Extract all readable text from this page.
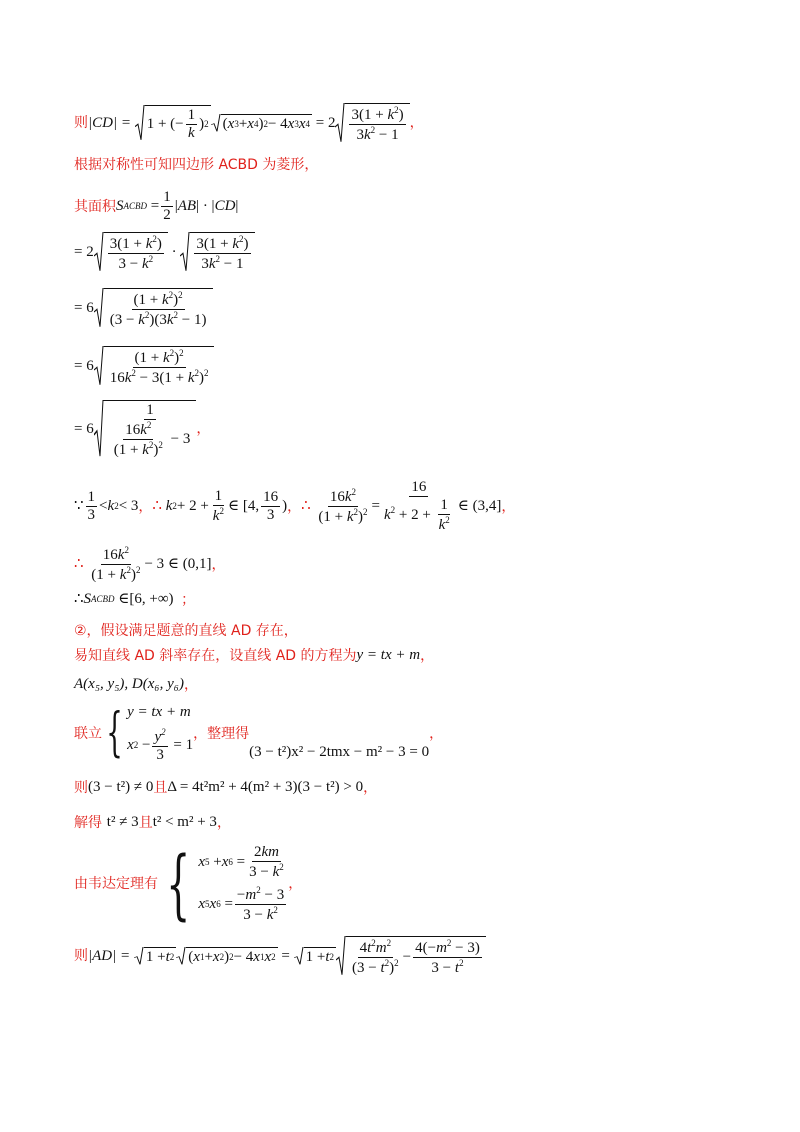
则 |CD| =
1 + (− $\frac{1}{k}$ ) 2 ( x 3 + x 4 ) 2 − 4 x 3 x $4 = 2 \frac{3(1 + k^2)}{3k^2 - 1}$ ，
根据对称性可知四边形 ACBD 为菱形，
其面积 S ACBD = $\frac{1}{2}$ | AB | · | CD |
= $2 \frac{3(1 + k^2)}{3 - k^2} \cdot \frac{3(1 + k^2)}{3k^2 - 1}$
= $6 \frac{(1 + k^2)^2}{(3 - k^2)(3k^2 - 1)}$
= $6 \frac{(1 + k^2)^2}{16k^2 - 3(1 + k^2)^2}$
= $6 \frac{1}{\frac{16k^2}{(1 + k^2)^2} - 3}$ ，
∵ $\frac{1}{3} < k$ 2 < 3 ， ∴
k $2 + 2 + \frac{1}{k^2}$ ∈ [4, $\frac{16}{3}$ ) ， ∴
$\frac{16k^2}{(1 + k^2)^2} = \frac{16}{k^2 + 2 + \frac{1}{k^2}}$ ∈ (3,4] ，
∴
$\frac{16k^2}{(1 + k^2)^2} - 3$ ∈ (0,1] ，
∴ S ACBD ∈ [6, +∞)
；
②，假设满足题意的直线 AD 存在，
易知直线 AD 斜率存在，设直线 AD 的方程为 y = tx + m ，
A(x₅, y₅), D(x₆, y₆) ，
联立 { y = tx + m
x $2 - \frac{y^2}{3}$
= 1
，整理得
(3 − t²)x² − 2tmx − m² − 3 = 0
，
则 (3 − t²) ≠ 0 且 Δ = 4t²m² + 4(m² + 3)(3 − t²) > 0 ，
解得
t² ≠ 3 且 t² < m² + 3 ，
由韦达定理有 { x 5 + x $6 = \frac{2km}{3 - k^2}$
x 5 x $6 = \frac{-m^2 - 3}{3 - k^2}$
，
则 |AD| =
1 + t 2 ( x 1 + x 2 ) 2 − 4 x 1 x 2 = 1 + t $2 \frac{4t^2m^2}{(3 - t^2)^2} - \frac{4(-m^2 - 3)}{3 - t^2}$
